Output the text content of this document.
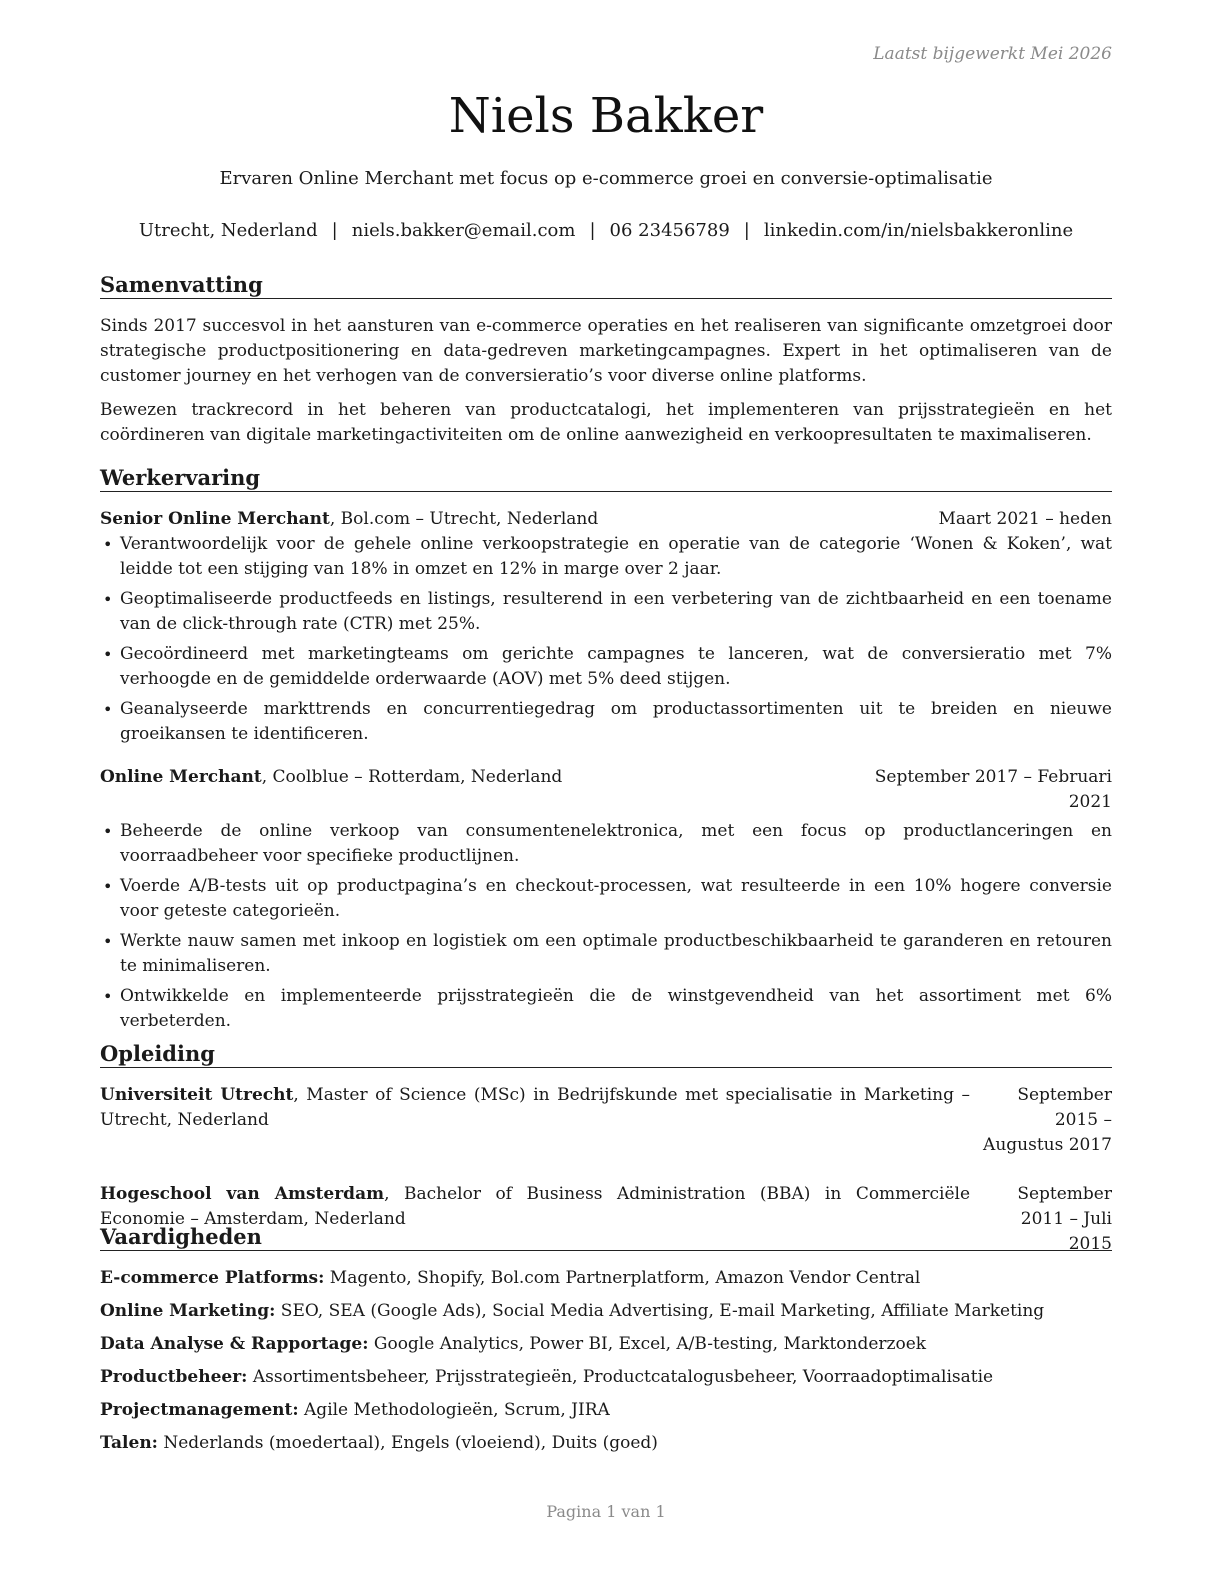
Laatst bijgewerkt Mei 2026
Niels Bakker
Ervaren Online Merchant met focus op e-commerce groei en conversie-optimalisatie
Utrecht, Nederland | niels.bakker@email.com | 06 23456789 | linkedin.com/in/nielsbakkeronline
Samenvatting

Sinds 2017 succesvol in het aansturen van e-commerce operaties en het realiseren van significante omzetgroei door strategische productpositionering en data-gedreven marketingcampagnes. Expert in het optimaliseren van de customer journey en het verhogen van de conversieratio’s voor diverse online platforms.

Bewezen trackrecord in het beheren van productcatalogi, het implementeren van prijsstrategieën en het coördineren van digitale marketingactiviteiten om de online aanwezigheid en verkoopresultaten te maximaliseren.

Werkervaring
Senior Online Merchant, Bol.com – Utrecht, Nederland	Maart 2021 – heden
• Verantwoordelijk voor de gehele online verkoopstrategie en operatie van de categorie ‘Wonen & Koken’, wat leidde tot een stijging van 18% in omzet en 12% in marge over 2 jaar.
• Geoptimaliseerde productfeeds en listings, resulterend in een verbetering van de zichtbaarheid en een toename van de click-through rate (CTR) met 25%.
• Gecoördineerd met marketingteams om gerichte campagnes te lanceren, wat de conversieratio met 7% verhoogde en de gemiddelde orderwaarde (AOV) met 5% deed stijgen.
• Geanalyseerde markttrends en concurrentiegedrag om productassortimenten uit te breiden en nieuwe groeikansen te identificeren.
Online Merchant, Coolblue – Rotterdam, Nederland	September 2017 – Februari 2021
• Beheerde de online verkoop van consumentenelektronica, met een focus op productlanceringen en voorraadbeheer voor specifieke productlijnen.
• Voerde A/B-tests uit op productpagina’s en checkout-processen, wat resulteerde in een 10% hogere conversie voor geteste categorieën.
• Werkte nauw samen met inkoop en logistiek om een optimale productbeschikbaarheid te garanderen en retouren te minimaliseren.
• Ontwikkelde en implementeerde prijsstrategieën die de winstgevendheid van het assortiment met 6% verbeterden.
Opleiding
Universiteit Utrecht, Master of Science (MSc) in Bedrijfskunde met specialisatie in Marketing – Utrecht, Nederland
September 2015 – Augustus 2017
Hogeschool van Amsterdam, Bachelor of Business Administration (BBA) in Commerciële Economie – Amsterdam, Nederland
September 2011 – Juli 2015
Vaardigheden
E-commerce Platforms: Magento, Shopify, Bol.com Partnerplatform, Amazon Vendor Central
Online Marketing: SEO, SEA (Google Ads), Social Media Advertising, E-mail Marketing, Affiliate Marketing
Data Analyse & Rapportage: Google Analytics, Power BI, Excel, A/B-testing, Marktonderzoek
Productbeheer: Assortimentsbeheer, Prijsstrategieën, Productcatalogusbeheer, Voorraadoptimalisatie
Projectmanagement: Agile Methodologieën, Scrum, JIRA
Talen: Nederlands (moedertaal), Engels (vloeiend), Duits (goed)
Pagina 1 van 1
